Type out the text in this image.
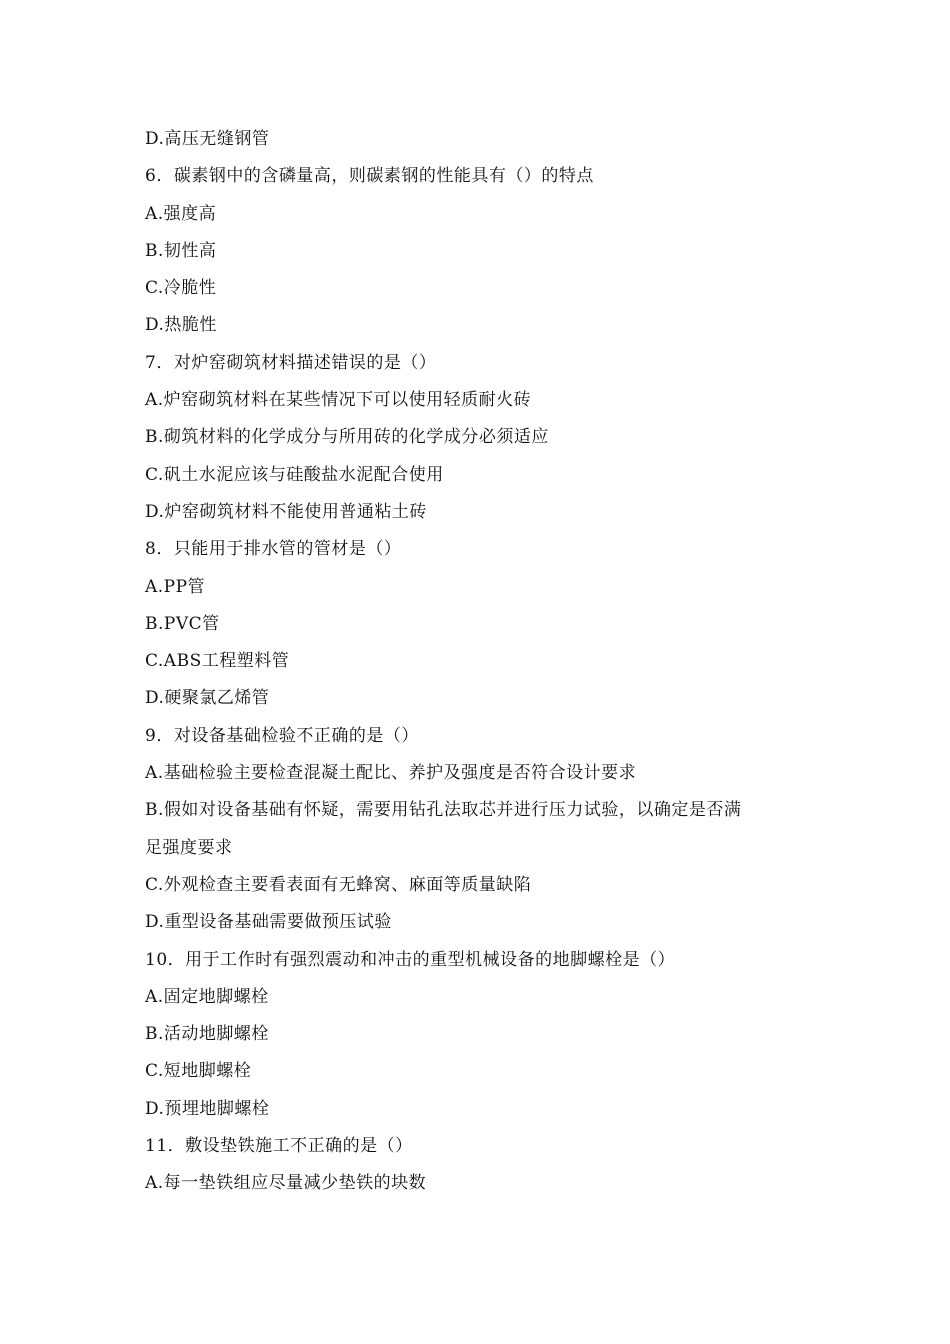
D.高压无缝钢管
6．碳素钢中的含磷量高，则碳素钢的性能具有（）的特点
A.强度高
B.韧性高
C.冷脆性
D.热脆性
7．对炉窑砌筑材料描述错误的是（）
A.炉窑砌筑材料在某些情况下可以使用轻质耐火砖
B.砌筑材料的化学成分与所用砖的化学成分必须适应
C.矾土水泥应该与硅酸盐水泥配合使用
D.炉窑砌筑材料不能使用普通粘土砖
8．只能用于排水管的管材是（）
A.PP管
B.PVC管
C.ABS工程塑料管
D.硬聚氯乙烯管
9．对设备基础检验不正确的是（）
A.基础检验主要检查混凝土配比、养护及强度是否符合设计要求
B.假如对设备基础有怀疑，需要用钻孔法取芯并进行压力试验，以确定是否满
足强度要求
C.外观检查主要看表面有无蜂窝、麻面等质量缺陷
D.重型设备基础需要做预压试验
10．用于工作时有强烈震动和冲击的重型机械设备的地脚螺栓是（）
A.固定地脚螺栓
B.活动地脚螺栓
C.短地脚螺栓
D.预埋地脚螺栓
11．敷设垫铁施工不正确的是（）
A.每一垫铁组应尽量减少垫铁的块数
